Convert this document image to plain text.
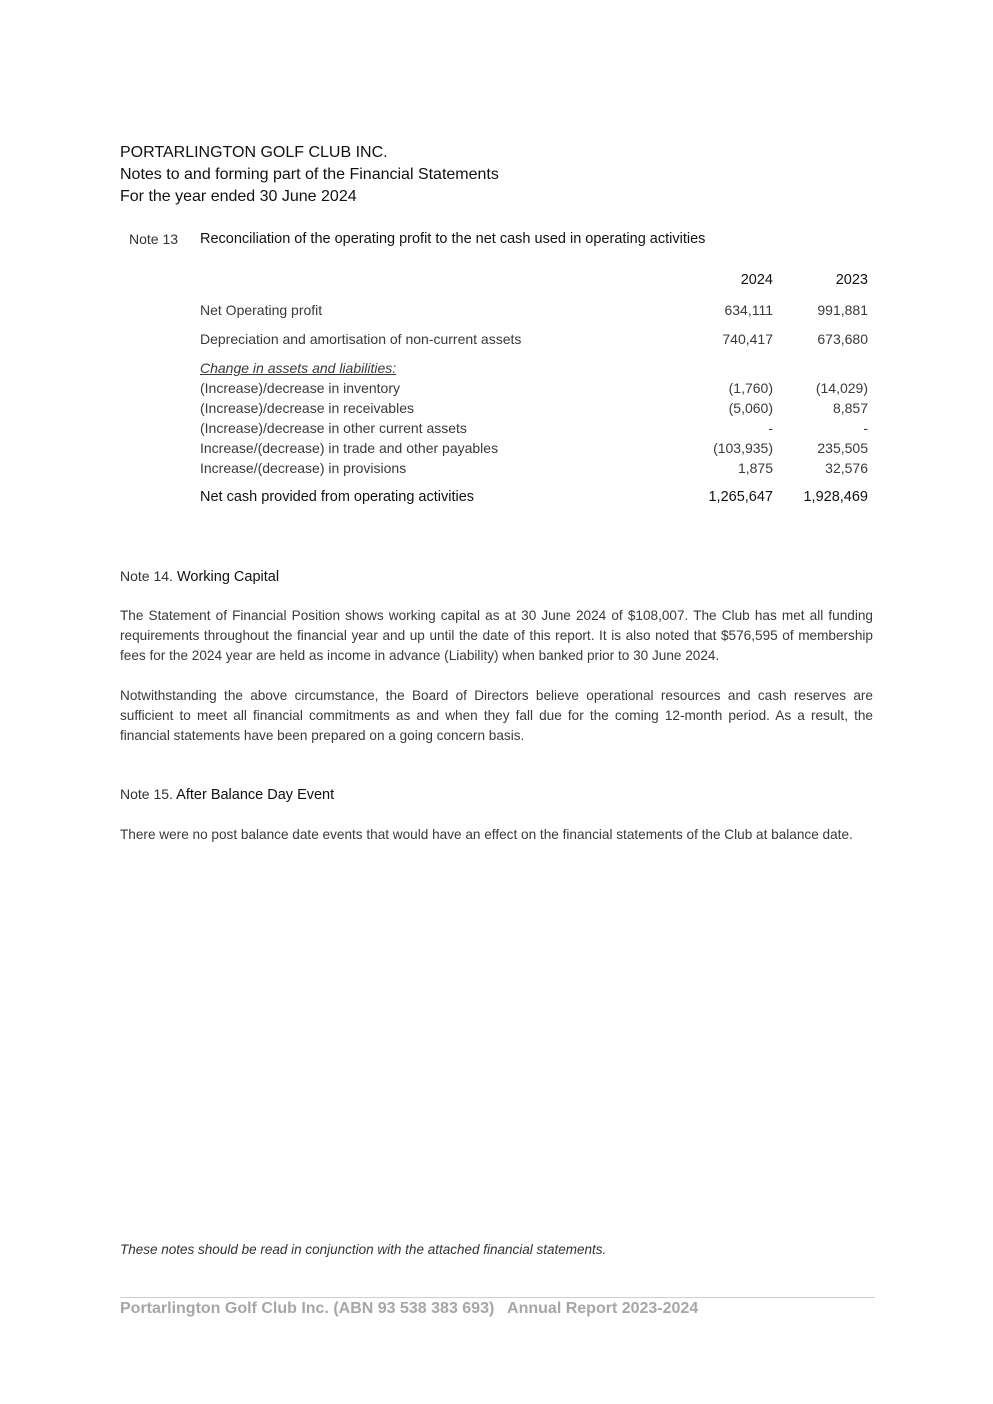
PORTARLINGTON GOLF CLUB INC.
Notes to and forming part of the Financial Statements
For the year ended 30 June 2024
Note 13 Reconciliation of the operating profit to the net cash used in operating activities
2024	2023
Net Operating profit	634,111	991,881
Depreciation and amortisation of non-current assets	740,417	673,680
Change in assets and liabilities:
(Increase)/decrease in inventory	(1,760)	(14,029)
(Increase)/decrease in receivables	(5,060)	8,857
(Increase)/decrease in other current assets	-	-
Increase/(decrease) in trade and other payables	(103,935)	235,505
Increase/(decrease) in provisions	1,875	32,576
Net cash provided from operating activities	1,265,647	1,928,469
Note 14. Working Capital
The Statement of Financial Position shows working capital as at 30 June 2024 of $108,007. The Club has met all funding requirements throughout the financial year and up until the date of this report. It is also noted that $576,595 of membership fees for the 2024 year are held as income in advance (Liability) when banked prior to 30 June 2024.
Notwithstanding the above circumstance, the Board of Directors believe operational resources and cash reserves are sufficient to meet all financial commitments as and when they fall due for the coming 12-month period. As a result, the financial statements have been prepared on a going concern basis.
Note 15. After Balance Day Event
There were no post balance date events that would have an effect on the financial statements of the Club at balance date.
These notes should be read in conjunction with the attached financial statements.
Portarlington Golf Club Inc. (ABN 93 538 383 693)   Annual Report 2023-2024
